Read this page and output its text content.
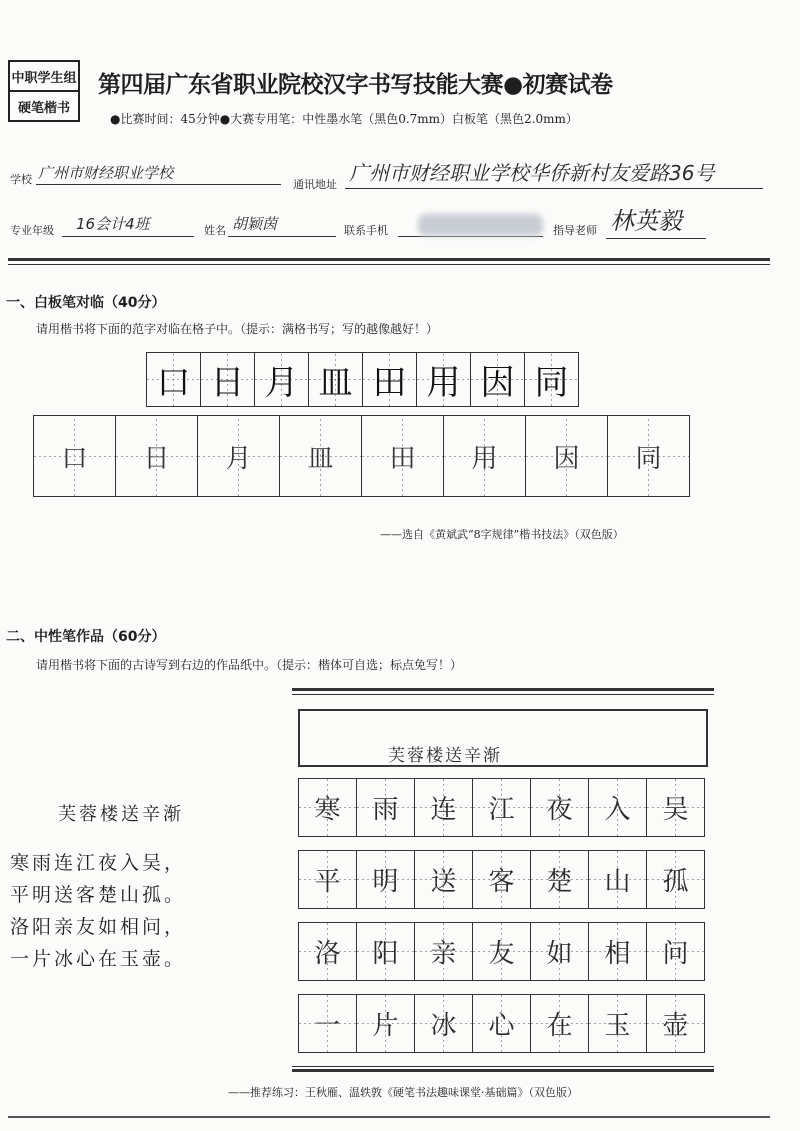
中职学生组
硬笔楷书
第四届广东省职业院校汉字书写技能大赛●初赛试卷
●比赛时间：45分钟●大赛专用笔：中性墨水笔（黑色0.7mm）白板笔（黑色2.0mm）
学校 广州市财经职业学校
通讯地址 广州市财经职业学校华侨新村友爱路36号
专业年级 16会计4班	姓名 胡颖茵	联系手机	指导老师 林英毅
一、白板笔对临（40分）
请用楷书将下面的范字对临在格子中。（提示：满格书写；写的越像越好！）
口 日 月 皿 田 用 因 同
口	日	月	皿	田	用	因	同
——选自《黄斌武“8字规律”楷书技法》（双色版）
二、中性笔作品（60分）
请用楷书将下面的古诗写到右边的作品纸中。（提示：楷体可自选；标点免写！）
芙蓉楼送辛渐
寒雨连江夜入吴，
平明送客楚山孤。
洛阳亲友如相问，
一片冰心在玉壶。
芙蓉楼送辛渐
寒	雨	连	江	夜	入	吴
平	明	送	客	楚	山	孤
洛	阳	亲	友	如	相	问
一	片	冰	心	在	玉	壶
——推荐练习：王秋雁、温轶敦《硬笔书法趣味课堂·基础篇》（双色版）
